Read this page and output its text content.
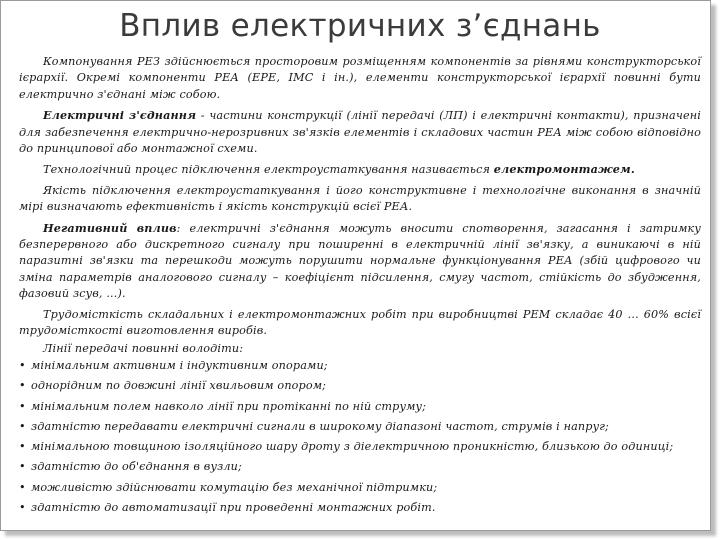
Вплив електричних з’єднань

Компонування РЕЗ здійснюється просторовим розміщенням компонентів за рівнями конструкторської ієрархії. Окремі компоненти РЕА (ЕРЕ, ІМС і ін.), елементи конструкторської ієрархії повинні бути електрично з'єднані між собою.

Електричні з'єднання - частини конструкції (лінії передачі (ЛП) і електричні контакти), призначені для забезпечення електрично-нерозривних зв'язків елементів і складових частин РЕА між собою відповідно до принципової або монтажної схеми.

Технологічний процес підключення електроустаткування називається електромонтажем.

Якість підключення електроустаткування і його конструктивне і технологічне виконання в значній мірі визначають ефективність і якість конструкцій всієї РЕА.

Негативний вплив: електричні з'єднання можуть вносити спотворення, загасання і затримку безперервного або дискретного сигналу при поширенні в електричній лінії зв'язку, а виникаючі в ній паразитні зв'язки та перешкоди можуть порушити нормальне функціонування РЕА (збій цифрового чи зміна параметрів аналогового сигналу – коефіцієнт підсилення, смугу частот, стійкість до збудження, фазовий зсув, ...).

Трудомісткість складальних і електромонтажних робіт при виробництві РЕМ складає 40 ... 60% всієї трудомісткості виготовлення виробів.

Лінії передачі повинні володіти:

• мінімальним активним і індуктивним опорами;
• однорідним по довжині лінії хвильовим опором;
• мінімальним полем навколо лінії при протіканні по ній струму;
• здатністю передавати електричні сигнали в широкому діапазоні частот, струмів і напруг;
• мінімальною товщиною ізоляційного шару дроту з діелектричною проникністю, близькою до одиниці;
• здатністю до об'єднання в вузли;
• можливістю здійснювати комутацію без механічної підтримки;
• здатністю до автоматизації при проведенні монтажних робіт.
